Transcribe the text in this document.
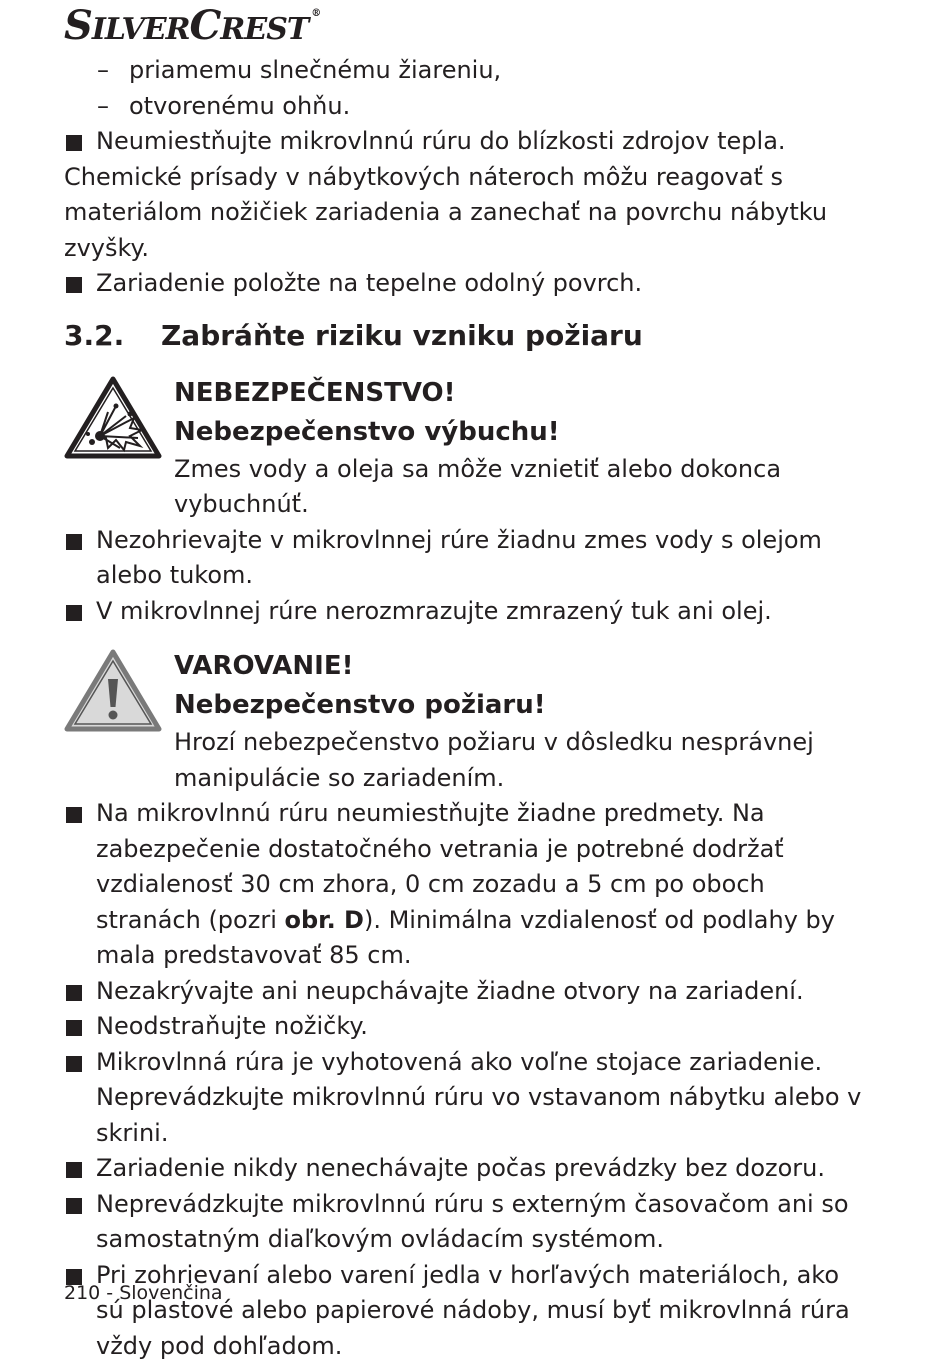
SILVERCREST ®
– priamemu slnečnému žiareniu,
– otvorenému ohňu.
Neumiestňujte mikrovlnnú rúru do blízkosti zdrojov tepla.
Chemické prísady v nábytkových náteroch môžu reagovať s materiálom nožičiek zariadenia a zanechať na povrchu nábytku zvyšky.
Zariadenie položte na tepelne odolný povrch.
3.2. Zabráňte riziku vzniku požiaru
NEBEZPEČENSTVO!
Nebezpečenstvo výbuchu!
Zmes vody a oleja sa môže vznietiť alebo dokonca vybuchnúť.
Nezohrievajte v mikrovlnnej rúre žiadnu zmes vody s olejom alebo tukom.
V mikrovlnnej rúre nerozmrazujte zmrazený tuk ani olej.
VAROVANIE!
Nebezpečenstvo požiaru!
Hrozí nebezpečenstvo požiaru v dôsledku nesprávnej manipulácie so zariadením.
Na mikrovlnnú rúru neumiestňujte žiadne predmety. Na zabezpečenie dostatočného vetrania je potrebné dodržať vzdialenosť 30 cm zhora, 0 cm zozadu a 5 cm po oboch stranách (pozri obr. D). Minimálna vzdialenosť od podlahy by mala predstavovať 85 cm.
Nezakrývajte ani neupchávajte žiadne otvory na zariadení.
Neodstraňujte nožičky.
Mikrovlnná rúra je vyhotovená ako voľne stojace zariadenie. Neprevádzkujte mikrovlnnú rúru vo vstavanom nábytku alebo v skrini.
Zariadenie nikdy nenechávajte počas prevádzky bez dozoru.
Neprevádzkujte mikrovlnnú rúru s externým časovačom ani so samostatným diaľkovým ovládacím systémom.
Pri zohrievaní alebo varení jedla v horľavých materiáloch, ako sú plastové alebo papierové nádoby, musí byť mikrovlnná rúra vždy pod dohľadom.
210 - Slovenčina
